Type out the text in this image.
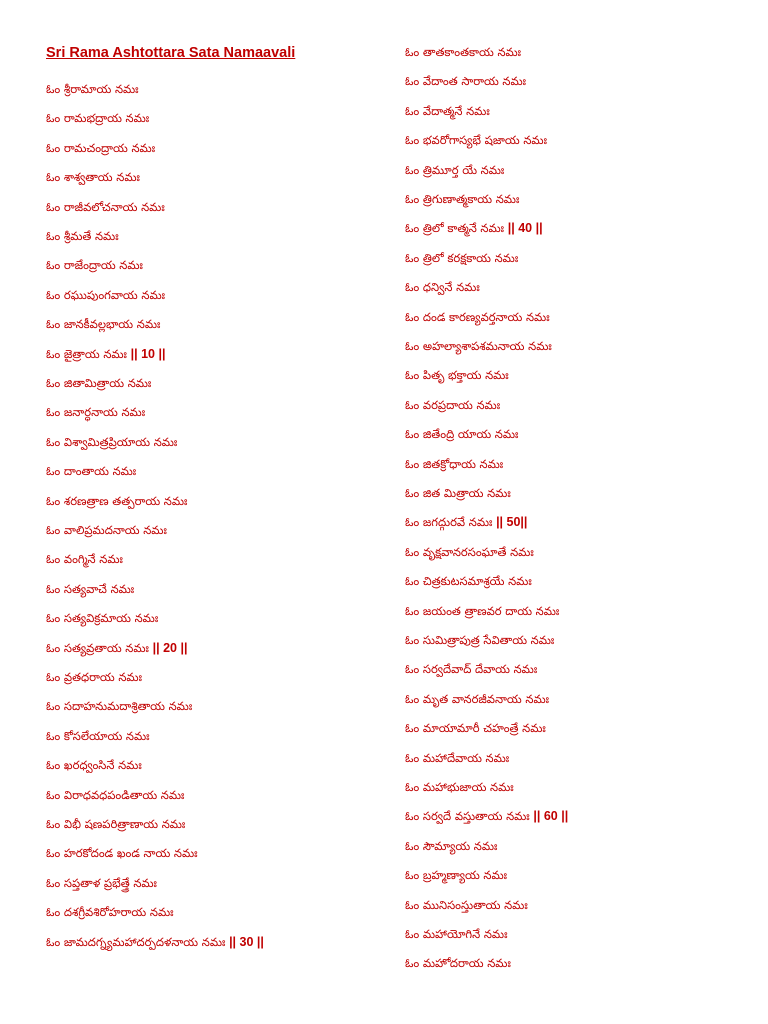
Sri Rama Ashtottara Sata Namaavali
ఓం శ్రీరామాయ నమః
ఓం రామభద్రాయ నమః
ఓం రామచంద్రాయ నమః
ఓం శాశ్వతాయ నమః
ఓం రాజీవలోచనాయ నమః
ఓం శ్రీమతే నమః
ఓం రాజేంద్రాయ నమః
ఓం రఘుపుంగవాయ నమః
ఓం జానకీవల్లభాయ నమః
ఓం జైత్రాయ నమః || 10 ||
ఓం జితామిత్రాయ నమః
ఓం జనార్ధనాయ నమః
ఓం విశ్వామిత్రప్రియాయ నమః
ఓం దాంతాయ నమః
ఓం శరణత్రాణ తత్పరాయ నమః
ఓం వాలిప్రమదనాయ నమః
ఓం వంగ్మినే నమః
ఓం సత్యవాచే నమః
ఓం సత్యవిక్రమాయ నమః
ఓం సత్యవ్రతాయ నమః || 20 ||
ఓం వ్రతధరాయ నమః
ఓం సదాహనుమదాశ్రితాయ నమః
ఓం కోసలేయాయ నమః
ఓం ఖరధ్వంసినే నమః
ఓం విరాధవధపండితాయ నమః
ఓం విభీ షణపరిత్రాణాయ నమః
ఓం హరకోదండ ఖండ నాయ నమః
ఓం సప్తతాళ ప్రభేత్త్రే నమః
ఓం దశగ్రీవశిరోహరాయ నమః
ఓం జామదగ్న్యమహాదర్పదళనాయ నమః || 30 ||
ఓం తాతకాంతకాయ నమః
ఓం వేదాంత సారాయ నమః
ఓం వేదాత్మనే నమః
ఓం భవరోగాస్యభే షజాయ నమః
ఓం త్రిమూర్త యే నమః
ఓం త్రిగుణాత్మకాయ నమః
ఓం త్రిలో కాత్మనే నమః || 40 ||
ఓం త్రిలో కరక్షకాయ నమః
ఓం ధన్వినే నమః
ఓం దండ కారణ్యవర్తనాయ నమః
ఓం అహల్యాశాపశమనాయ నమః
ఓం పితృ భక్తాయ నమః
ఓం వరప్రదాయ నమః
ఓం జితేంద్రి యాయ నమః
ఓం జితక్రోధాయ నమః
ఓం జిత మిత్రాయ నమః
ఓం జగద్గురవే నమః || 50||
ఓం వృక్షవానరసంఘాతే నమః
ఓం చిత్రకుటసమాశ్రయే నమః
ఓం జయంత త్రాణవర దాయ నమః
ఓం సుమిత్రాపుత్ర సేవితాయ నమః
ఓం సర్వదేవాద్ దేవాయ నమః
ఓం మృత వానరజీవనాయ నమః
ఓం మాయామారీ చహంత్రే నమః
ఓం మహాదేవాయ నమః
ఓం మహాభుజాయ నమః
ఓం సర్వదే వస్తుతాయ నమః || 60 ||
ఓం సౌమ్యాయ నమః
ఓం బ్రహ్మణ్యాయ నమః
ఓం మునిసంస్తుతాయ నమః
ఓం మహాయోగినే నమః
ఓం మహోదరాయ నమః
